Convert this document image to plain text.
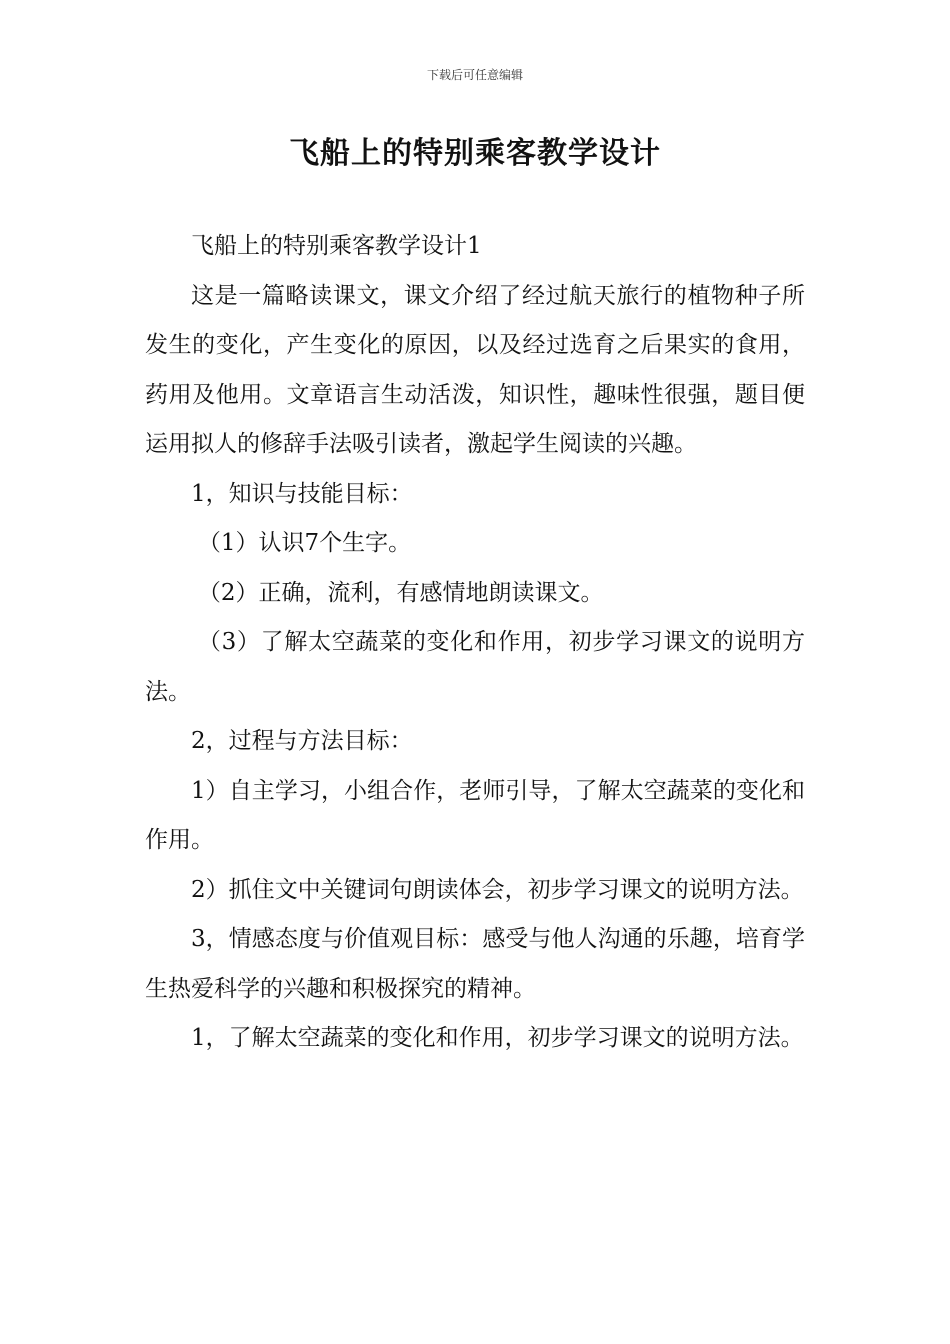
下载后可任意编辑
飞船上的特别乘客教学设计

飞船上的特别乘客教学设计1

这是一篇略读课文，课文介绍了经过航天旅行的植物种子所发生的变化，产生变化的原因，以及经过选育之后果实的食用，药用及他用。文章语言生动活泼，知识性，趣味性很强，题目便运用拟人的修辞手法吸引读者，激起学生阅读的兴趣。

1，知识与技能目标：

（1）认识7个生字。

（2）正确，流利，有感情地朗读课文。

（3）了解太空蔬菜的变化和作用，初步学习课文的说明方法。

2，过程与方法目标：

1）自主学习，小组合作，老师引导，了解太空蔬菜的变化和作用。

2）抓住文中关键词句朗读体会，初步学习课文的说明方法。

3，情感态度与价值观目标：感受与他人沟通的乐趣，培育学生热爱科学的兴趣和积极探究的精神。

1，了解太空蔬菜的变化和作用，初步学习课文的说明方法。
